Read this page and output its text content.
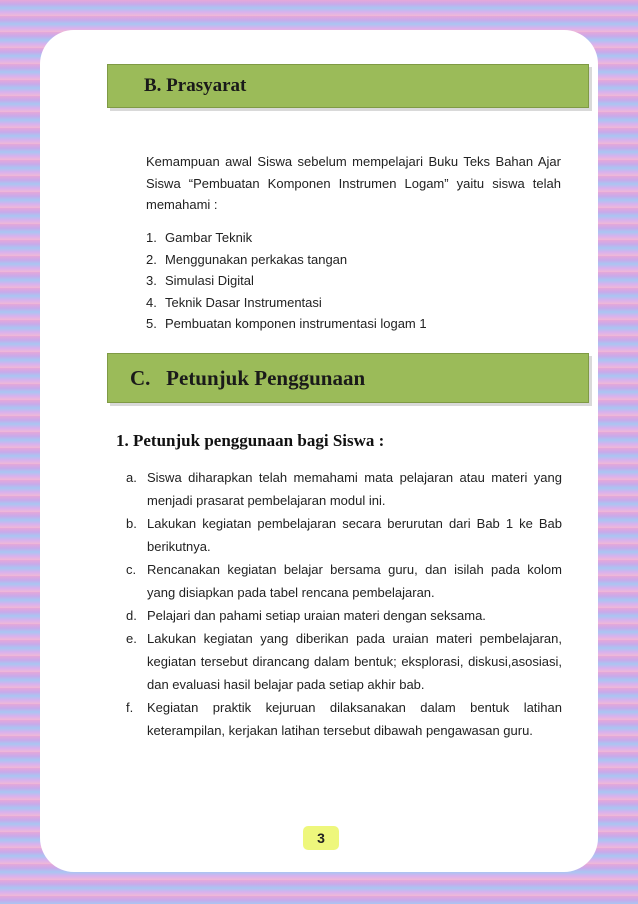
B. Prasyarat
Kemampuan awal Siswa sebelum mempelajari Buku Teks Bahan Ajar Siswa “Pembuatan Komponen Instrumen Logam” yaitu siswa telah memahami :
1. Gambar Teknik
2. Menggunakan perkakas tangan
3. Simulasi Digital
4. Teknik Dasar Instrumentasi
5. Pembuatan komponen instrumentasi logam 1
C.   Petunjuk Penggunaan
1. Petunjuk penggunaan bagi Siswa :
a. Siswa diharapkan telah memahami mata pelajaran atau materi yang menjadi prasarat pembelajaran modul ini.
b. Lakukan kegiatan pembelajaran secara berurutan dari Bab 1 ke Bab berikutnya.
c. Rencanakan kegiatan belajar bersama guru, dan isilah pada kolom yang disiapkan pada tabel rencana pembelajaran.
d. Pelajari dan pahami setiap uraian materi dengan seksama.
e. Lakukan kegiatan yang diberikan pada uraian materi pembelajaran, kegiatan tersebut dirancang dalam bentuk; eksplorasi, diskusi,asosiasi, dan evaluasi hasil belajar pada setiap akhir bab.
f.	Kegiatan praktik kejuruan dilaksanakan dalam bentuk latihan keterampilan, kerjakan latihan tersebut dibawah pengawasan guru.
3
